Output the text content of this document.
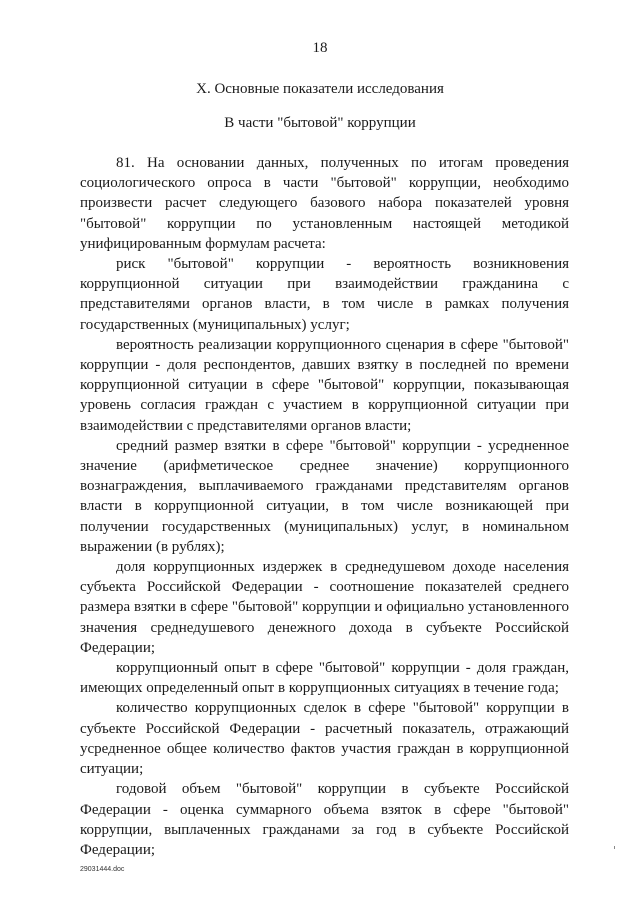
18
X. Основные показатели исследования
В части "бытовой" коррупции

81. На основании данных, полученных по итогам проведения социологического опроса в части "бытовой" коррупции, необходимо произвести расчет следующего базового набора показателей уровня "бытовой" коррупции по установленным настоящей методикой унифицированным формулам расчета:

риск "бытовой" коррупции - вероятность возникновения коррупционной ситуации при взаимодействии гражданина с представителями органов власти, в том числе в рамках получения государственных (муниципальных) услуг;

вероятность реализации коррупционного сценария в сфере "бытовой" коррупции - доля респондентов, давших взятку в последней по времени коррупционной ситуации в сфере "бытовой" коррупции, показывающая уровень согласия граждан с участием в коррупционной ситуации при взаимодействии с представителями органов власти;

средний размер взятки в сфере "бытовой" коррупции - усредненное значение (арифметическое среднее значение) коррупционного вознаграждения, выплачиваемого гражданами представителям органов власти в коррупционной ситуации, в том числе возникающей при получении государственных (муниципальных) услуг, в номинальном выражении (в рублях);

доля коррупционных издержек в среднедушевом доходе населения субъекта Российской Федерации - соотношение показателей среднего размера взятки в сфере "бытовой" коррупции и официально установленного значения среднедушевого денежного дохода в субъекте Российской Федерации;

коррупционный опыт в сфере "бытовой" коррупции - доля граждан, имеющих определенный опыт в коррупционных ситуациях в течение года;

количество коррупционных сделок в сфере "бытовой" коррупции в субъекте Российской Федерации - расчетный показатель, отражающий усредненное общее количество фактов участия граждан в коррупционной ситуации;

годовой объем "бытовой" коррупции в субъекте Российской Федерации - оценка суммарного объема взяток в сфере "бытовой" коррупции, выплаченных гражданами за год в субъекте Российской Федерации;

29031444.doc
